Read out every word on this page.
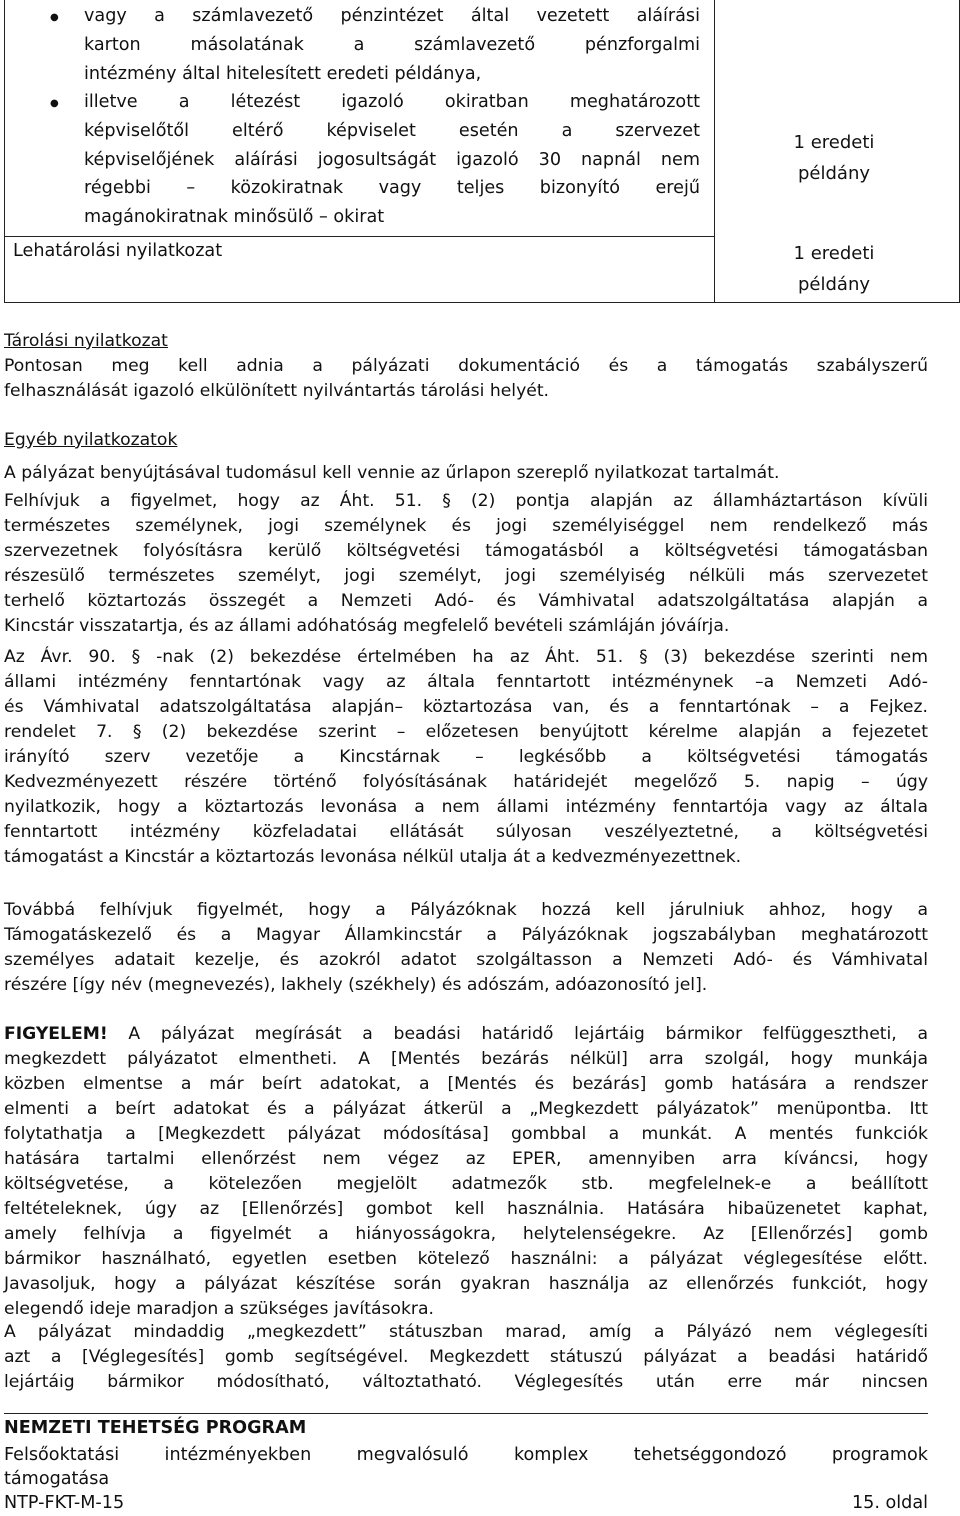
● vagy a számlavezető pénzintézet által vezetett aláírási
karton másolatának a számlavezető pénzforgalmi
intézmény által hitelesített eredeti példánya,
● illetve a létezést igazoló okiratban meghatározott
képviselőtől eltérő képviselet esetén a szervezet
képviselőjének aláírási jogosultságát igazoló 30 napnál nem
régebbi – közokiratnak vagy teljes bizonyító erejű
magánokiratnak minősülő – okirat
Lehatárolási nyilatkozat
1 eredeti
példány
1 eredeti
példány
Tárolási nyilatkozat
Pontosan meg kell adnia a pályázati dokumentáció és a támogatás szabályszerű
felhasználását igazoló elkülönített nyilvántartás tárolási helyét.
Egyéb nyilatkozatok
A pályázat benyújtásával tudomásul kell vennie az űrlapon szereplő nyilatkozat tartalmát.
Felhívjuk a figyelmet, hogy az Áht. 51. § (2) pontja alapján az államháztartáson kívüli
természetes személynek, jogi személynek és jogi személyiséggel nem rendelkező más
szervezetnek folyósításra kerülő költségvetési támogatásból a költségvetési támogatásban
részesülő természetes személyt, jogi személyt, jogi személyiség nélküli más szervezetet
terhelő köztartozás összegét a Nemzeti Adó- és Vámhivatal adatszolgáltatása alapján a
Kincstár visszatartja, és az állami adóhatóság megfelelő bevételi számláján jóváírja.
Az Ávr. 90. § -nak (2) bekezdése értelmében ha az Áht. 51. § (3) bekezdése szerinti nem
állami intézmény fenntartónak vagy az általa fenntartott intézménynek –a Nemzeti Adó-
és Vámhivatal adatszolgáltatása alapján– köztartozása van, és a fenntartónak – a Fejkez.
rendelet 7. § (2) bekezdése szerint – előzetesen benyújtott kérelme alapján a fejezetet
irányító szerv vezetője a Kincstárnak – legkésőbb a költségvetési támogatás
Kedvezményezett részére történő folyósításának határidejét megelőző 5. napig – úgy
nyilatkozik, hogy a köztartozás levonása a nem állami intézmény fenntartója vagy az általa
fenntartott intézmény közfeladatai ellátását súlyosan veszélyeztetné, a költségvetési
támogatást a Kincstár a köztartozás levonása nélkül utalja át a kedvezményezettnek.
Továbbá felhívjuk figyelmét, hogy a Pályázóknak hozzá kell járulniuk ahhoz, hogy a
Támogatáskezelő és a Magyar Államkincstár a Pályázóknak jogszabályban meghatározott
személyes adatait kezelje, és azokról adatot szolgáltasson a Nemzeti Adó- és Vámhivatal
részére [így név (megnevezés), lakhely (székhely) és adószám, adóazonosító jel].
FIGYELEM! A pályázat megírását a beadási határidő lejártáig bármikor felfüggesztheti, a
megkezdett pályázatot elmentheti. A [Mentés bezárás nélkül] arra szolgál, hogy munkája
közben elmentse a már beírt adatokat, a [Mentés és bezárás] gomb hatására a rendszer
elmenti a beírt adatokat és a pályázat átkerül a „Megkezdett pályázatok” menüpontba. Itt
folytathatja a [Megkezdett pályázat módosítása] gombbal a munkát. A mentés funkciók
hatására tartalmi ellenőrzést nem végez az EPER, amennyiben arra kíváncsi, hogy
költségvetése, a kötelezően megjelölt adatmezők stb. megfelelnek-e a beállított
feltételeknek, úgy az [Ellenőrzés] gombot kell használnia. Hatására hibaüzenetet kaphat,
amely felhívja a figyelmét a hiányosságokra, helytelenségekre. Az [Ellenőrzés] gomb
bármikor használható, egyetlen esetben kötelező használni: a pályázat véglegesítése előtt.
Javasoljuk, hogy a pályázat készítése során gyakran használja az ellenőrzés funkciót, hogy
elegendő ideje maradjon a szükséges javításokra.
A pályázat mindaddig „megkezdett” státuszban marad, amíg a Pályázó nem véglegesíti
azt a [Véglegesítés] gomb segítségével. Megkezdett státuszú pályázat a beadási határidő
lejártáig bármikor módosítható, változtatható. Véglegesítés után erre már nincsen
NEMZETI TEHETSÉG PROGRAM
Felsőoktatási intézményekben megvalósuló komplex tehetséggondozó programok
támogatása
NTP-FKT-M-15	15. oldal
